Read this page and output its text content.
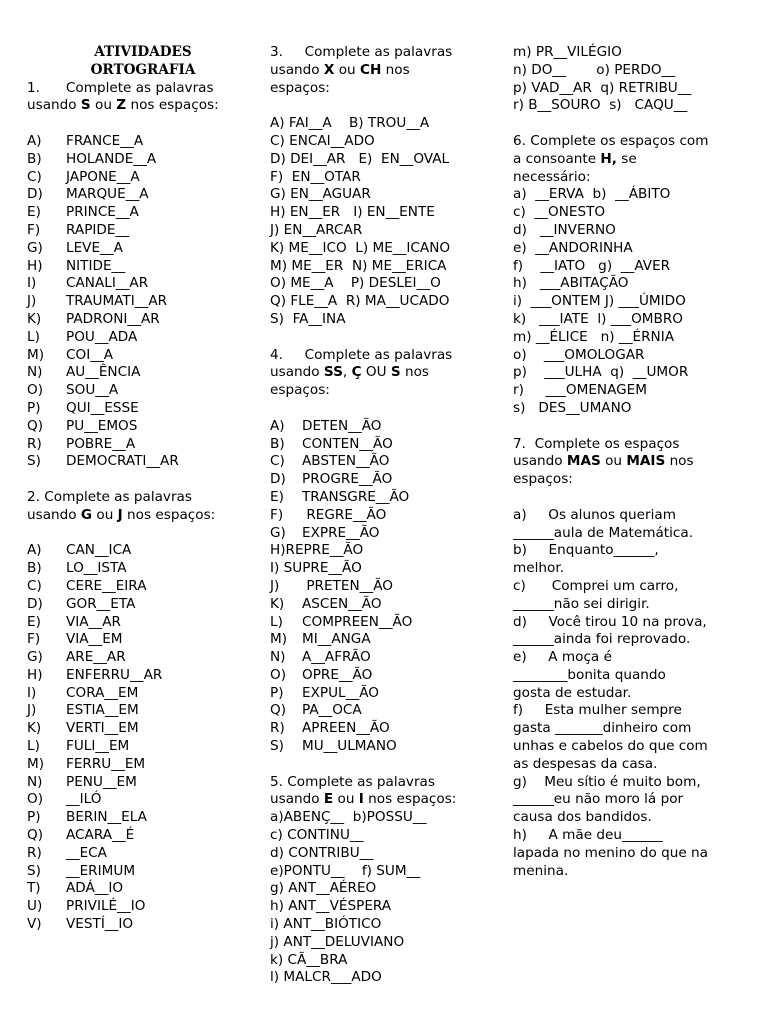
ATIVIDADES
ORTOGRAFIA
1.      Complete as palavras
usando S ou Z nos espaços:
A)	FRANCE__A
B)	HOLANDE__A
C)	JAPONE__A
D)	MARQUE__A
E)	PRINCE__A
F)	RAPIDE__
G)	LEVE__A
H)	NITIDE__
I)	CANALI__AR
J)	TRAUMATI__AR
K)	PADRONI__AR
L)	POU__ADA
M)	COI__A
N)	AU__ÊNCIA
O)	SOU__A
P)	QUI__ESSE
Q)	PU__EMOS
R)	POBRE__A
S)	DEMOCRATI__AR
2. Complete as palavras
usando G ou J nos espaços:
A)	CAN__ICA
B)	LO__ISTA
C)	CERE__EIRA
D)	GOR__ETA
E)	VIA__AR
F)	VIA__EM
G)	ARE__AR
H)	ENFERRU__AR
I)	CORA__EM
J)	ESTIA__EM
K)	VERTI__EM
L)	FULI__EM
M)	FERRU__EM
N)	PENU__EM
O)	__ILÓ
P)	BERIN__ELA
Q)	ACARA__É
R)	__ECA
S)	__ERIMUM
T)	ADÁ__IO
U)	PRIVILÉ__IO
V)	VESTÍ__IO
3.     Complete as palavras
usando X ou CH nos
espaços:
A) FAI__A    B) TROU__A
C) ENCAI__ADO
D) DEI__AR   E)  EN__OVAL
F)  EN__OTAR
G) EN__AGUAR
H) EN__ER   I) EN__ENTE
J) EN__ARCAR
K) ME__ICO  L) ME__ICANO
M) ME__ER  N) ME__ERICA
O) ME__A    P) DESLEI__O
Q) FLE__A  R) MA__UCADO
S)  FA__INA
4.     Complete as palavras
usando SS, Ç OU S nos
espaços:
A)	DETEN__ÃO
B)	CONTEN__ÃO
C)	ABSTEN__ÃO
D)	PROGRE__ÃO
E)	TRANSGRE__ÃO
F)	REGRE__ÃO
G)	EXPRE__ÃO
H)REPRE__ÃO
I) SUPRE__ÃO
J)	PRETEN__ÃO
K)	ASCEN__ÃO
L)	COMPREEN__ÃO
M)	MI__ANGA
N)	A__AFRÃO
O)	OPRE__ÃO
P)	EXPUL__ÃO
Q)	PA__OCA
R)	APREEN__ÃO
S)	MU__ULMANO
5. Complete as palavras
usando E ou I nos espaços:
a)ABENÇ__  b)POSSU__
c) CONTINU__
d) CONTRIBU__
e)PONTU__    f) SUM__
g) ANT__AÉREO
h) ANT__VÉSPERA
i) ANT__BIÓTICO
j) ANT__DELUVIANO
k) CÃ__BRA
l) MALCR___ADO
m) PR__VILÉGIO
n) DO__       o) PERDO__
p) VAD__AR  q) RETRIBU__
r) B__SOURO  s)   CAQU__
6. Complete os espaços com
a consoante H, se
necessário:
a)  __ERVA  b)  __ÁBITO
c)  __ONESTO
d)   __INVERNO
e)  __ANDORINHA
f)    __IATO   g)  __AVER
h)   ___ABITAÇÃO
i)  ___ONTEM J) ___ÚMIDO
k)   ___IATE  l) ___OMBRO
m) __ÉLICE   n) __ÉRNIA
o)    ___OMOLOGAR
p)    ___ULHA  q)  __UMOR
r)     ___OMENAGEM
s)   DES__UMANO
7.  Complete os espaços
usando MAS ou MAIS nos
espaços:
a)     Os alunos queriam
______aula de Matemática.
b)     Enquanto______,
melhor.
c)      Comprei um carro,
______não sei dirigir.
d)     Você tirou 10 na prova,
______ainda foi reprovado.
e)     A moça é
________bonita quando
gosta de estudar.
f)     Esta mulher sempre
gasta _______dinheiro com
unhas e cabelos do que com
as despesas da casa.
g)    Meu sítio é muito bom,
______eu não moro lá por
causa dos bandidos.
h)     A mãe deu______
lapada no menino do que na
menina.
